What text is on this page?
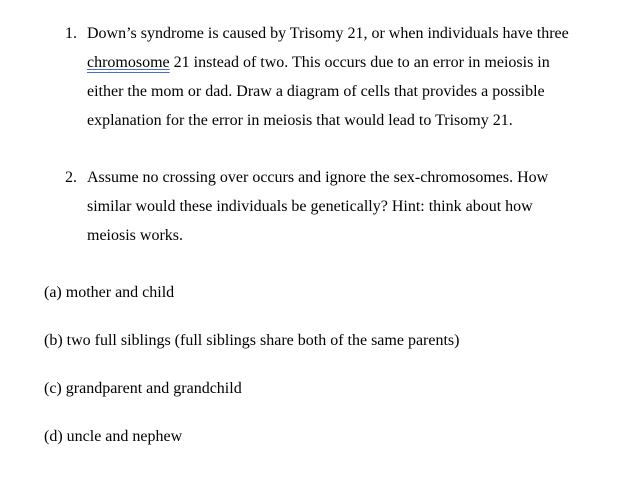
1. Down’s syndrome is caused by Trisomy 21, or when individuals have three
chromosome 21 instead of two. This occurs due to an error in meiosis in
either the mom or dad. Draw a diagram of cells that provides a possible
explanation for the error in meiosis that would lead to Trisomy 21.
2. Assume no crossing over occurs and ignore the sex-chromosomes. How
similar would these individuals be genetically? Hint: think about how
meiosis works.
(a) mother and child
(b) two full siblings (full siblings share both of the same parents)
(c) grandparent and grandchild
(d) uncle and nephew
